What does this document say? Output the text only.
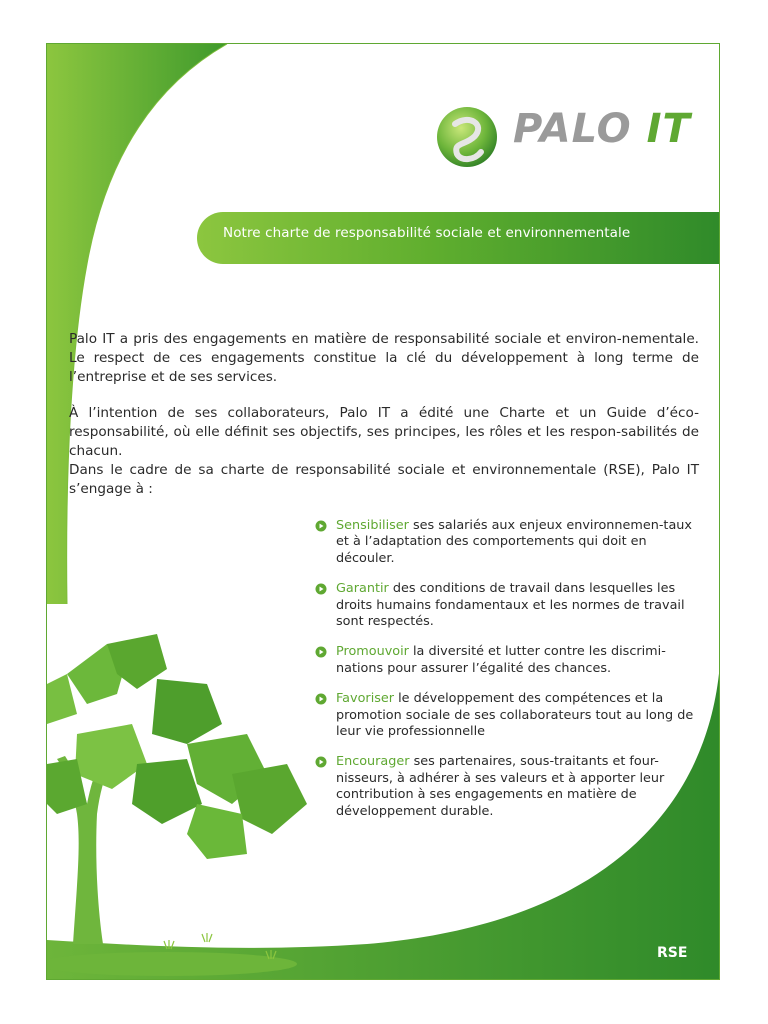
PALO IT
Notre charte de responsabilité sociale et environnementale

Palo IT a pris des engagements en matière de responsabilité sociale et environ-nementale. Le respect de ces engagements constitue la clé du développement à long terme de l’entreprise et de ses services.

À l’intention de ses collaborateurs, Palo IT a édité une Charte et un Guide d’éco-responsabilité, où elle définit ses objectifs, ses principes, les rôles et les respon-sabilités de chacun.

Dans le cadre de sa charte de responsabilité sociale et environnementale (RSE), Palo IT s’engage à :

Sensibiliser ses salariés aux enjeux environnemen-taux et à l’adaptation des comportements qui doit en découler.
Garantir des conditions de travail dans lesquelles les droits humains fondamentaux et les normes de travail sont respectés.
Promouvoir la diversité et lutter contre les discrimi-nations pour assurer l’égalité des chances.
Favoriser le développement des compétences et la promotion sociale de ses collaborateurs tout au long de leur vie professionnelle
Encourager ses partenaires, sous-traitants et four-nisseurs, à adhérer à ses valeurs et à apporter leur contribution à ses engagements en matière de développement durable.
RSE
